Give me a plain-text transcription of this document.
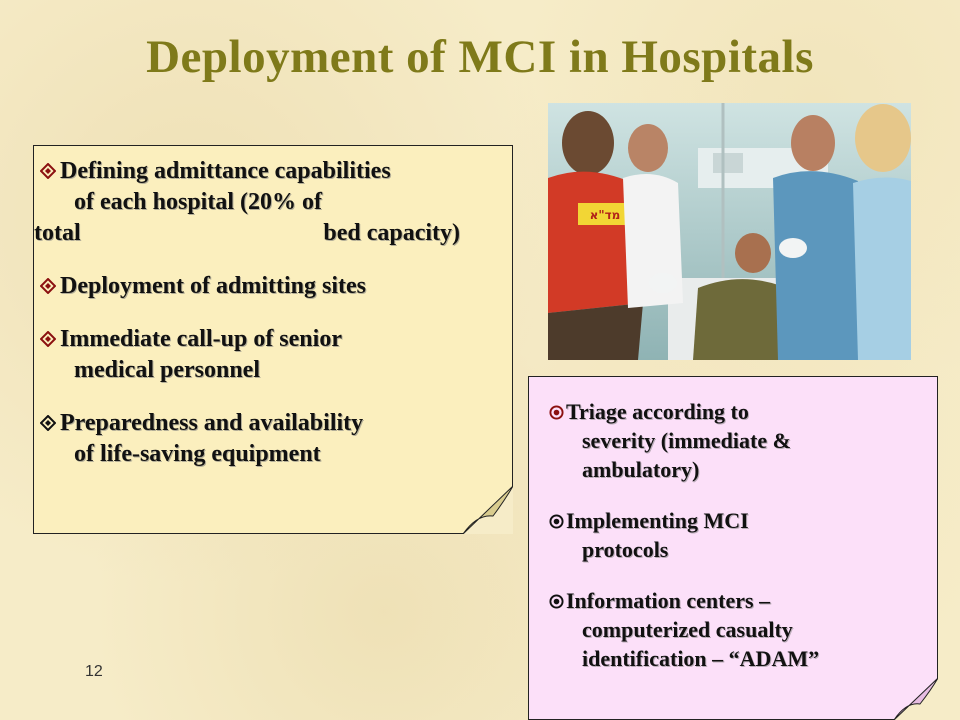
Deployment of MCI in Hospitals
Defining admittance capabilities
of each hospital (20% of
total	bed capacity)
Deployment of admitting sites
Immediate call-up of senior
medical personnel
Preparedness and availability
of life-saving equipment
מד"א
Triage according to
severity (immediate &
ambulatory)
Implementing MCI
protocols
Information centers –
computerized casualty
identification – “ADAM”
12
